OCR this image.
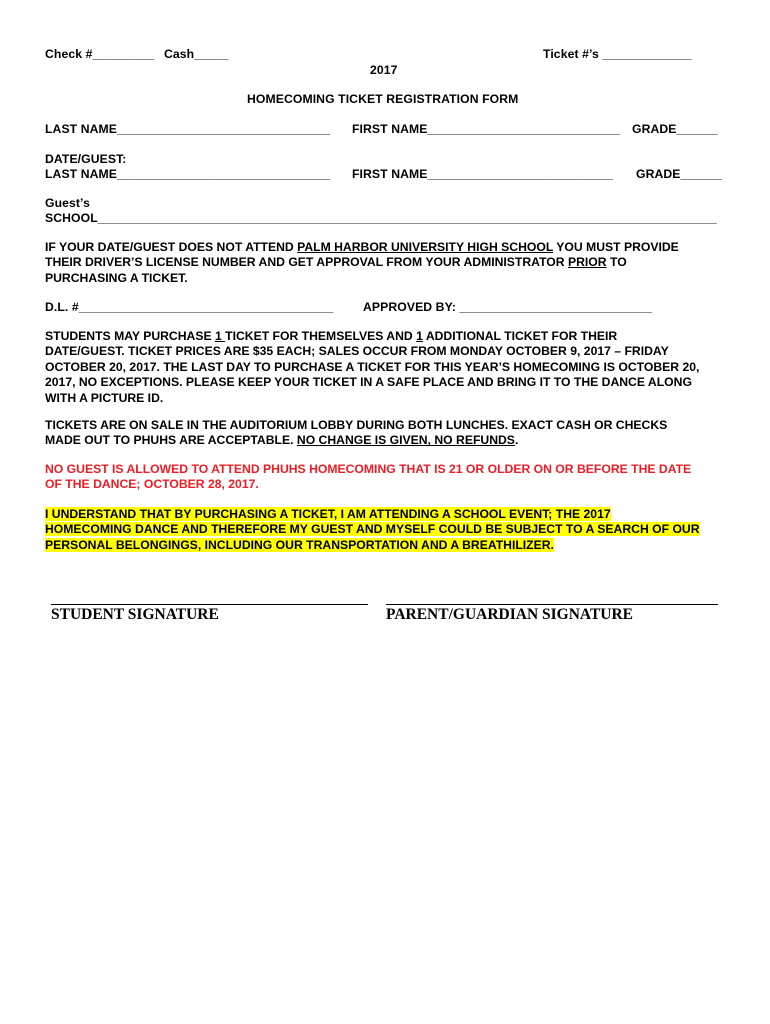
Check #_________ Cash_____	Ticket #’s _____________
2017
HOMECOMING TICKET REGISTRATION FORM
LAST NAME_______________________________ FIRST NAME____________________________ GRADE______
DATE/GUEST:
LAST NAME_______________________________ FIRST NAME___________________________ GRADE______
Guest’s
SCHOOL__________________________________________________________________________________________
IF YOUR DATE/GUEST DOES NOT ATTEND PALM HARBOR UNIVERSITY HIGH SCHOOL YOU MUST PROVIDE
THEIR DRIVER’S LICENSE NUMBER AND GET APPROVAL FROM YOUR ADMINISTRATOR PRIOR TO
PURCHASING A TICKET.
D.L. #_____________________________________ APPROVED BY: ____________________________
STUDENTS MAY PURCHASE 1 TICKET FOR THEMSELVES AND 1 ADDITIONAL TICKET FOR THEIR
DATE/GUEST. TICKET PRICES ARE $35 EACH; SALES OCCUR FROM MONDAY OCTOBER 9, 2017 – FRIDAY
OCTOBER 20, 2017. THE LAST DAY TO PURCHASE A TICKET FOR THIS YEAR’S HOMECOMING IS OCTOBER 20,
2017, NO EXCEPTIONS. PLEASE KEEP YOUR TICKET IN A SAFE PLACE AND BRING IT TO THE DANCE ALONG
WITH A PICTURE ID.
TICKETS ARE ON SALE IN THE AUDITORIUM LOBBY DURING BOTH LUNCHES. EXACT CASH OR CHECKS
MADE OUT TO PHUHS ARE ACCEPTABLE. NO CHANGE IS GIVEN, NO REFUNDS.
NO GUEST IS ALLOWED TO ATTEND PHUHS HOMECOMING THAT IS 21 OR OLDER ON OR BEFORE THE DATE
OF THE DANCE; OCTOBER 28, 2017.
I UNDERSTAND THAT BY PURCHASING A TICKET, I AM ATTENDING A SCHOOL EVENT; THE 2017
HOMECOMING DANCE AND THEREFORE MY GUEST AND MYSELF COULD BE SUBJECT TO A SEARCH OF OUR
PERSONAL BELONGINGS, INCLUDING OUR TRANSPORTATION AND A BREATHILIZER.
STUDENT SIGNATURE	PARENT/GUARDIAN SIGNATURE
